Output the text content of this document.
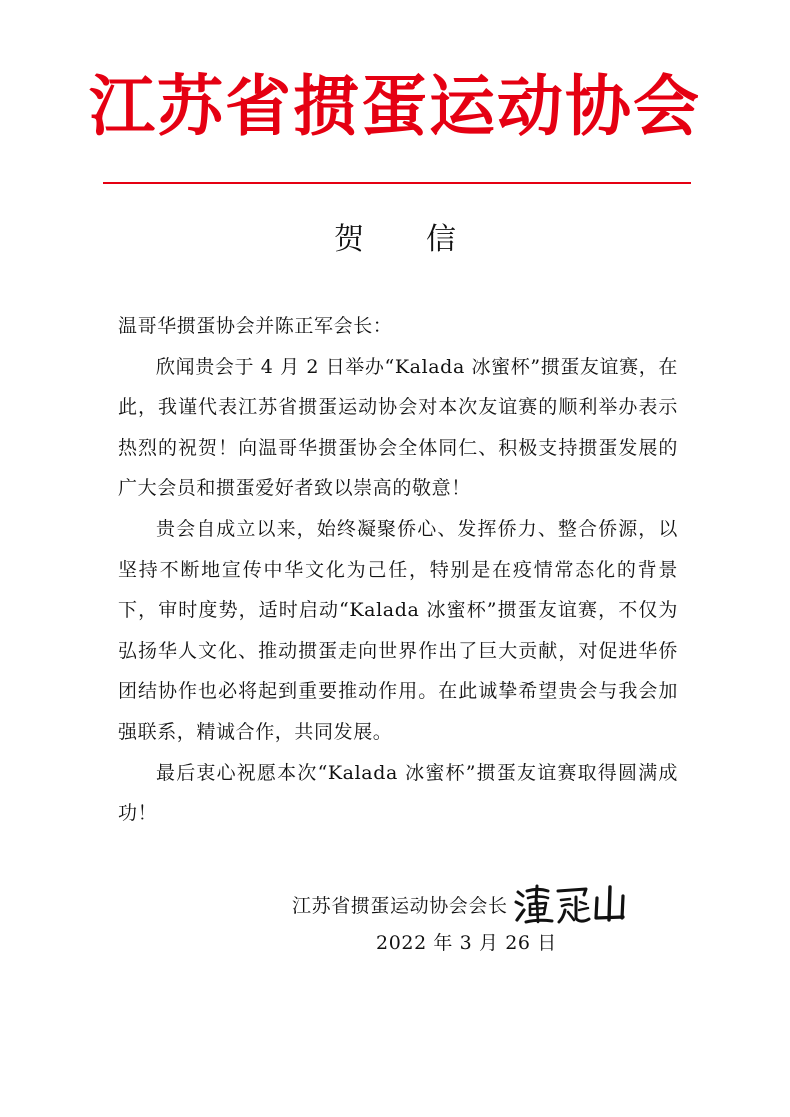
江苏省掼蛋运动协会
贺信

温哥华掼蛋协会并陈正军会长：

欣闻贵会于 4 月 2 日举办“Kalada 冰蜜杯”掼蛋友谊赛，在此，我谨代表江苏省掼蛋运动协会对本次友谊赛的顺利举办表示热烈的祝贺！向温哥华掼蛋协会全体同仁、积极支持掼蛋发展的广大会员和掼蛋爱好者致以崇高的敬意！

贵会自成立以来，始终凝聚侨心、发挥侨力、整合侨源，以坚持不断地宣传中华文化为己任，特别是在疫情常态化的背景下，审时度势，适时启动“Kalada 冰蜜杯”掼蛋友谊赛，不仅为弘扬华人文化、推动掼蛋走向世界作出了巨大贡献，对促进华侨团结协作也必将起到重要推动作用。在此诚挚希望贵会与我会加强联系，精诚合作，共同发展。

最后衷心祝愿本次“Kalada 冰蜜杯”掼蛋友谊赛取得圆满成功！

江苏省掼蛋运动协会会长
2022 年 3 月 26 日
